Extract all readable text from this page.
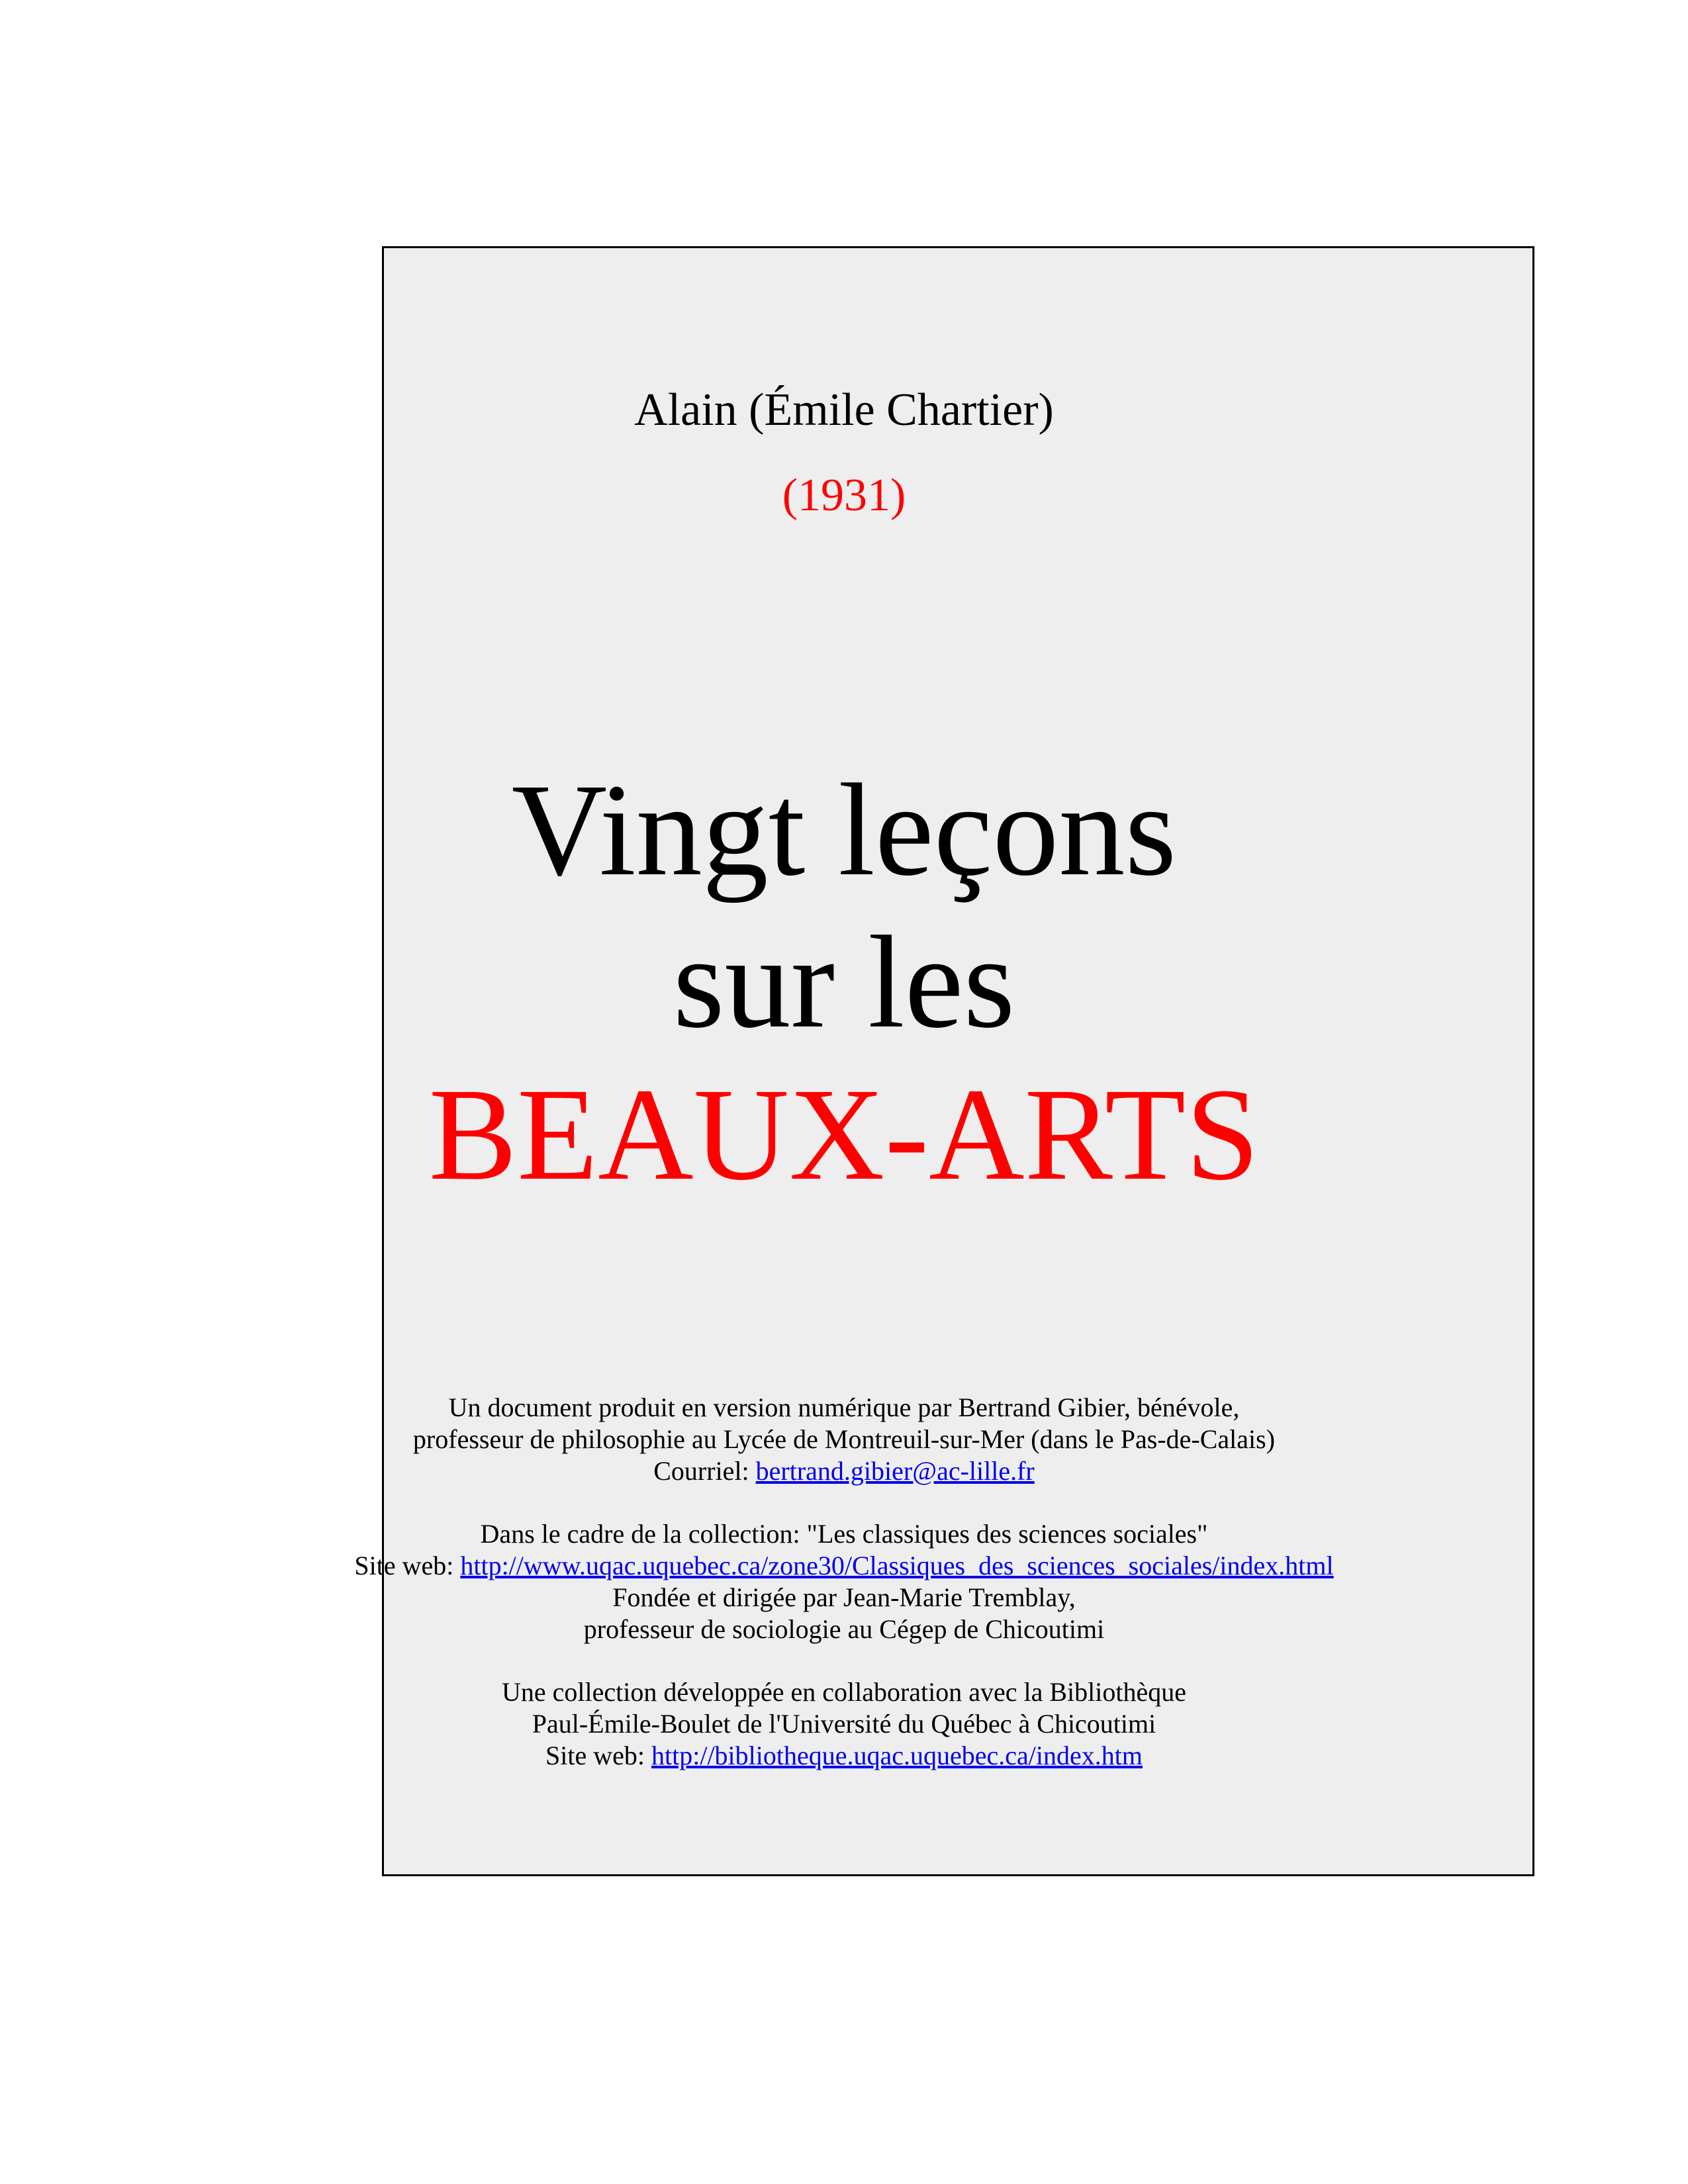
Alain (Émile Chartier)
(1931)
Vingt leçons
sur les
BEAUX-ARTS
Un document produit en version numérique par Bertrand Gibier, bénévole,
professeur de philosophie au Lycée de Montreuil-sur-Mer (dans le Pas-de-Calais)
Courriel: bertrand.gibier@ac-lille.fr
Dans le cadre de la collection: "Les classiques des sciences sociales"
Site web: http://www.uqac.uquebec.ca/zone30/Classiques_des_sciences_sociales/index.html
Fondée et dirigée par Jean-Marie Tremblay,
professeur de sociologie au Cégep de Chicoutimi
Une collection développée en collaboration avec la Bibliothèque
Paul-Émile-Boulet de l'Université du Québec à Chicoutimi
Site web: http://bibliotheque.uqac.uquebec.ca/index.htm
